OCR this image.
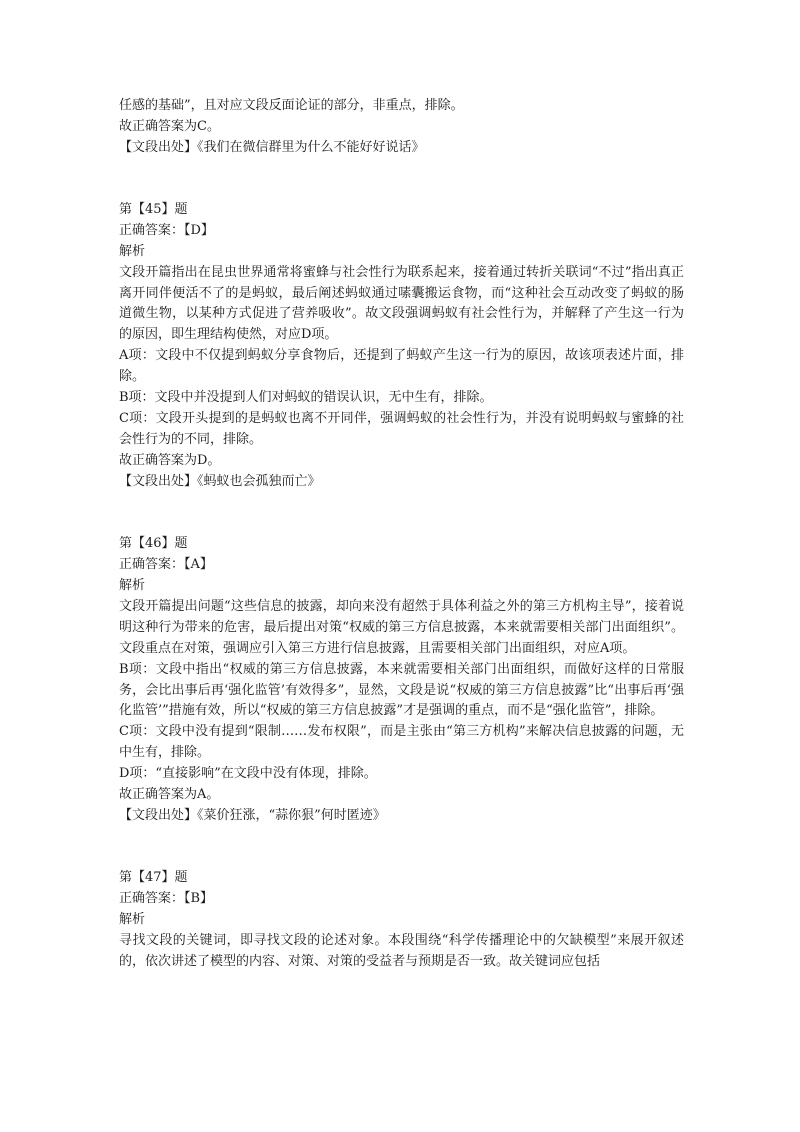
任感的基础”，且对应文段反面论证的部分，非重点，排除。
故正确答案为C。
【文段出处】《我们在微信群里为什么不能好好说话》
第【45】题
正确答案：【D】
解析
文段开篇指出在昆虫世界通常将蜜蜂与社会性行为联系起来，接着通过转折关联词“不过”指出真正离开同伴便活不了的是蚂蚁，最后阐述蚂蚁通过嗉囊搬运食物，而“这种社会互动改变了蚂蚁的肠道微生物，以某种方式促进了营养吸收”。故文段强调蚂蚁有社会性行为，并解释了产生这一行为的原因，即生理结构使然，对应D项。
A项：文段中不仅提到蚂蚁分享食物后，还提到了蚂蚁产生这一行为的原因，故该项表述片面，排除。
B项：文段中并没提到人们对蚂蚁的错误认识，无中生有，排除。
C项：文段开头提到的是蚂蚁也离不开同伴，强调蚂蚁的社会性行为，并没有说明蚂蚁与蜜蜂的社会性行为的不同，排除。
故正确答案为D。
【文段出处】《蚂蚁也会孤独而亡》
第【46】题
正确答案：【A】
解析
文段开篇提出问题“这些信息的披露，却向来没有超然于具体利益之外的第三方机构主导”，接着说明这种行为带来的危害，最后提出对策“权威的第三方信息披露，本来就需要相关部门出面组织”。文段重点在对策，强调应引入第三方进行信息披露，且需要相关部门出面组织，对应A项。
B项：文段中指出“权威的第三方信息披露，本来就需要相关部门出面组织，而做好这样的日常服务，会比出事后再‘强化监管’有效得多”，显然，文段是说“权威的第三方信息披露”比“出事后再‘强化监管’”措施有效，所以“权威的第三方信息披露”才是强调的重点，而不是“强化监管”，排除。
C项：文段中没有提到“限制……发布权限”，而是主张由“第三方机构”来解决信息披露的问题，无中生有，排除。
D项：“直接影响”在文段中没有体现，排除。
故正确答案为A。
【文段出处】《菜价狂涨，“蒜你狠”何时匿迹》
第【47】题
正确答案：【B】
解析
寻找文段的关键词，即寻找文段的论述对象。本段围绕“科学传播理论中的欠缺模型”来展开叙述的，依次讲述了模型的内容、对策、对策的受益者与预期是否一致。故关键词应包括
